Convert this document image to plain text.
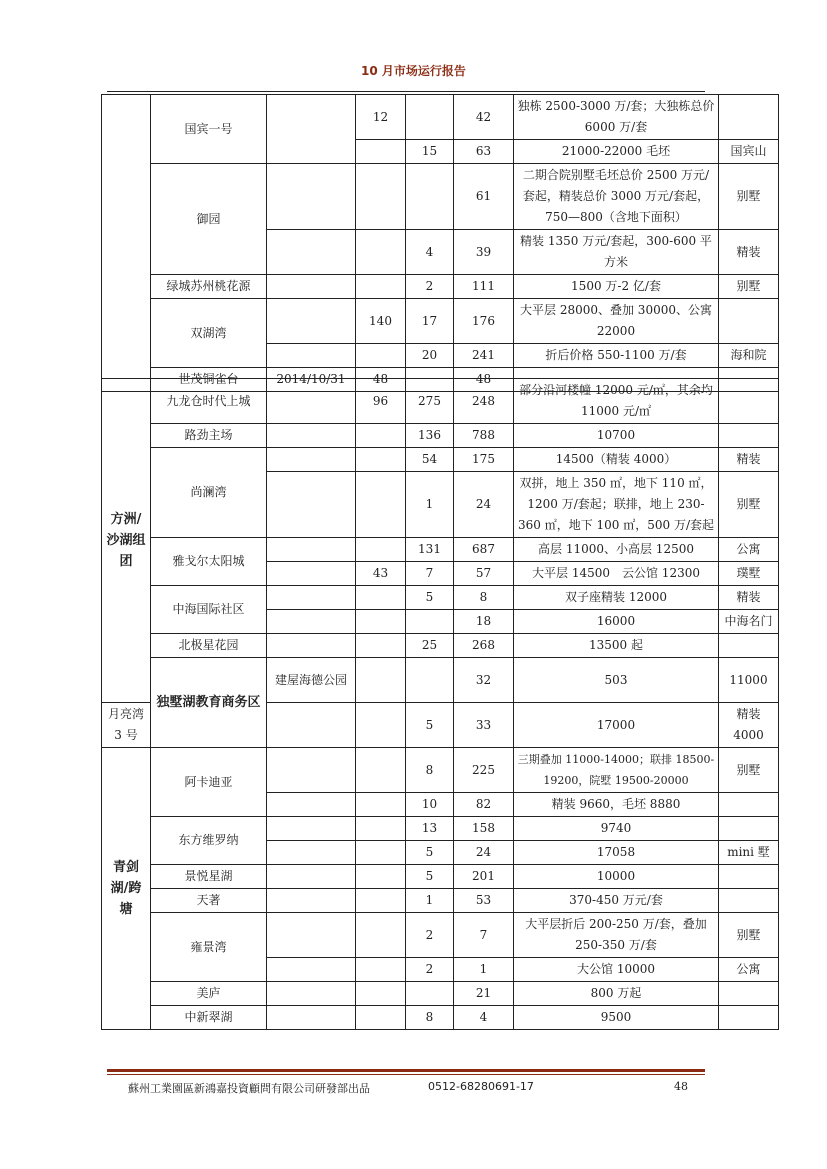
10 月市场运行报告
	国宾一号		12		42	独栋 2500-3000 万/套；大独栋总价 6000 万/套	
				15	63	21000-22000 毛坯	国宾山
	御园				61	二期合院别墅毛坯总价 2500 万元/套起，精装总价 3000 万元/套起，750—800（含地下面积）	别墅
				4	39	精装 1350 万元/套起，300-600 平方米	精装
	绿城苏州桃花源			2	111	1500 万-2 亿/套	别墅
	双湖湾		140	17	176	大平层 28000、叠加 30000、公寓 22000	
				20	241	折后价格 550-1100 万/套	海和院
	世茂铜雀台	2014/10/31	48		48		
方洲/沙湖组团	九龙仓时代上城		96	275	248	部分沿河楼幢 12000 元/㎡，其余均 11000 元/㎡		
	路劲主场			136	788	10700		
	尚澜湾			54	175	14500（精装 4000）	精装	
				1	24	双拼，地上 350 ㎡，地下 110 ㎡，1200 万/套起；联排，地上 230-360 ㎡，地下 100 ㎡，500 万/套起	别墅	
	雅戈尔太阳城			131	687	高层 11000、小高层 12500	公寓	
			43	7	57	大平层 14500　云公馆 12300	璞墅	
	中海国际社区			5	8	双子座精装 12000	精装	
					18	16000	中海名门	
	北极星花园			25	268	13500 起		
	独墅湖教育商务区	建屋海德公园			32	503	11000	
月亮湾 3 号				5	33	17000	精装4000	
青剑湖/跨塘	阿卡迪亚			8	225	三期叠加 11000-14000；联排 18500-19200，院墅 19500-20000	别墅	
				10	82	精装 9660，毛坯 8880		
	东方维罗纳			13	158	9740		
				5	24	17058	mini 墅	
	景悦星湖			5	201	10000		
	天著			1	53	370-450 万元/套		
	雍景湾			2	7	大平层折后 200-250 万/套，叠加 250-350 万/套	别墅	
				2	1	大公馆 10000	公寓	
	美庐				21	800 万起		
	中新翠湖			8	4	9500		
蘇州工業園區新鴻嘉投資顧問有限公司研發部出品	0512-68280691-17	48
